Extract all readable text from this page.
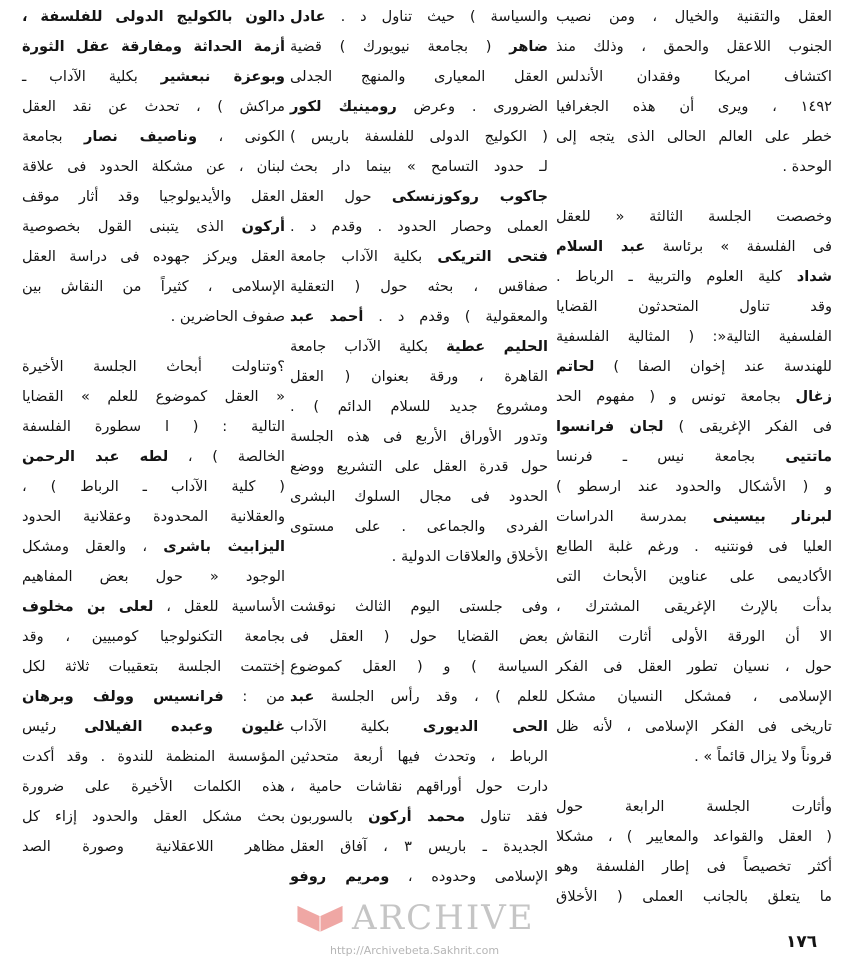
العقل والتقنية والخيال ، ومن نصيب
الجنوب اللاعقل والحمق ، وذلك منذ
اكتشاف امريكا وفقدان الأندلس
١٤٩٢ ، ويرى أن هذه الجغرافيا
خطر على العالم الحالى الذى يتجه إلى
الوحدة .
وخصصت الجلسة الثالثة « للعقل
فى الفلسفة » برئاسة عبد السلام
شداد كلية العلوم والتربية ـ الرباط .
وقد تناول المتحدثون القضايا
الفلسفية التالية«: ( المثالية الفلسفية
للهندسة عند إخوان الصفا ) لحاتم
زغال بجامعة تونس و ( مفهوم الحد
فى الفكر الإغريقى ) لجان فرانسوا
ماتتيى بجامعة نيس ـ فرنسا
و ( الأشكال والحدود عند ارسطو )
لبرنار بيسينى بمدرسة الدراسات
العليا فى فونتنيه . ورغم غلبة الطابع
الأكاديمى على عناوين الأبحاث التى
بدأت بالإرث الإغريقى المشترك ،
الا أن الورقة الأولى أثارت النقاش
حول ، نسيان تطور العقل فى الفكر
الإسلامى ، فمشكل النسيان مشكل
تاريخى فى الفكر الإسلامى ، لأنه ظل
قروناً ولا يزال قائماً » .
وأثارت الجلسة الرابعة حول
( العقل والقواعد والمعايير ) ، مشكلا
أكثر تخصيصاً فى إطار الفلسفة وهو
ما يتعلق بالجانب العملى ( الأخلاق
والسياسة ) حيث تناول د . عادل
ضاهر ( بجامعة نيويورك ) قضية
العقل المعيارى والمنهج الجدلى
الضرورى . وعرض رومينيك لكور
( الكوليج الدولى للفلسفة باريس )
لـ حدود التسامح » بينما دار بحث
جاكوب روكوزنسكى حول العقل
العملى وحصار الحدود . وقدم د .
فتحى التريكى بكلية الآداب جامعة
صفاقس ، بحثه حول ( التعقلية
والمعقولية ) وقدم د . أحمد عبد
الحليم عطية بكلية الآداب جامعة
القاهرة ، ورقة بعنوان ( العقل
ومشروع جديد للسلام الدائم ) .
وتدور الأوراق الأربع فى هذه الجلسة
حول قدرة العقل على التشريع ووضع
الحدود فى مجال السلوك البشرى
الفردى والجماعى . على مستوى
الأخلاق والعلاقات الدولية .
وفى جلستى اليوم الثالث نوقشت
بعض القضايا حول ( العقل فى
السياسة ) و ( العقل كموضوع
للعلم ) ، وقد رأس الجلسة عبد
الحى الديورى بكلية الآداب
الرباط ، وتحدث فيها أربعة متحدثين
دارت حول أوراقهم نقاشات حامية ،
فقد تناول محمد أركون بالسوربون
الجديدة ـ باريس ٣ ، آفاق العقل
الإسلامى وحدوده ، ومريم روفو
دالون بالكوليج الدولى للفلسفة ،
أزمة الحداثة ومفارقة عقل الثورة
وبوعزة نبعشير بكلية الآداب ـ
مراكش ) ، تحدث عن نقد العقل
الكونى ، وناصيف نصار بجامعة
لبنان ، عن مشكلة الحدود فى علاقة
العقل والأيديولوجيا وقد أثار موقف
أركون الذى يتبنى القول بخصوصية
العقل ويركز جهوده فى دراسة العقل
الإسلامى ، كثيراً من النقاش بين
صفوف الحاضرين .
؟وتناولت أبحاث الجلسة الأخيرة
« العقل كموضوع للعلم » القضايا
التالية : ( ا سطورة الفلسفة
الخالصة ) ، لطه عبد الرحمن
( كلية الآداب ـ الرباط ) ،
والعقلانية المحدودة وعقلانية الحدود
اليزابيث باشرى ، والعقل ومشكل
الوجود « حول بعض المفاهيم
الأساسية للعقل ، لعلى بن مخلوف
بجامعة التكنولوجيا كومبيين ، وقد
إختتمت الجلسة بتعقيبات ثلاثة لكل
من : فرانسيس وولف وبرهان
غليون وعبده الفيلالى رئيس
المؤسسة المنظمة للندوة . وقد أكدت
هذه الكلمات الأخيرة على ضرورة
بحث مشكل العقل والحدود إزاء كل
مظاهر اللاعقلانية وصورة الصد
١٧٦
ARCHIVE
http://Archivebeta.Sakhrit.com
